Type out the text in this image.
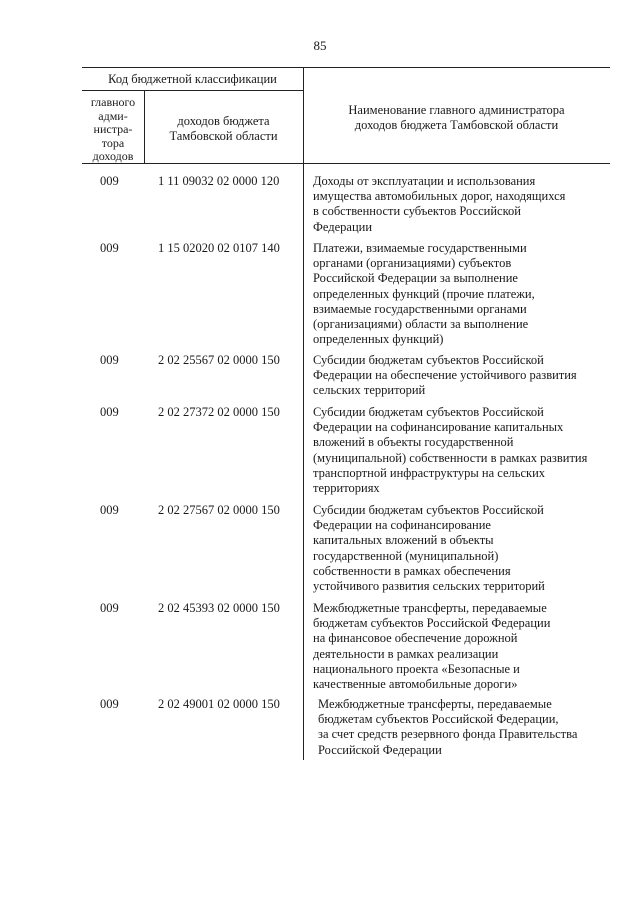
85
Код бюджетной классификации
главного
адми-
нистра-
тора
доходов
доходов бюджета
Тамбовской области
Наименование главного администратора
доходов бюджета Тамбовской области
009	1 11 09032 02 0000 120	Доходы от эксплуатации и использования
имущества автомобильных дорог, находящихся
в собственности субъектов Российской
Федерации
009	1 15 02020 02 0107 140	Платежи, взимаемые государственными
органами (организациями) субъектов
Российской Федерации за выполнение
определенных функций (прочие платежи,
взимаемые государственными органами
(организациями) области за выполнение
определенных функций)
009	2 02 25567 02 0000 150	Субсидии бюджетам субъектов Российской
Федерации на обеспечение устойчивого развития
сельских территорий
009	2 02 27372 02 0000 150	Субсидии бюджетам субъектов Российской
Федерации на софинансирование капитальных
вложений в объекты государственной
(муниципальной) собственности в рамках развития
транспортной инфраструктуры на сельских
территориях
009	2 02 27567 02 0000 150	Субсидии бюджетам субъектов Российской
Федерации на софинансирование
капитальных вложений в объекты
государственной (муниципальной)
собственности в рамках обеспечения
устойчивого развития сельских территорий
009	2 02 45393 02 0000 150	Межбюджетные трансферты, передаваемые
бюджетам субъектов Российской Федерации
на финансовое обеспечение дорожной
деятельности в рамках реализации
национального проекта «Безопасные и
качественные автомобильные дороги»
009	2 02 49001 02 0000 150	Межбюджетные трансферты, передаваемые
бюджетам субъектов Российской Федерации,
за счет средств резервного фонда Правительства
Российской Федерации
